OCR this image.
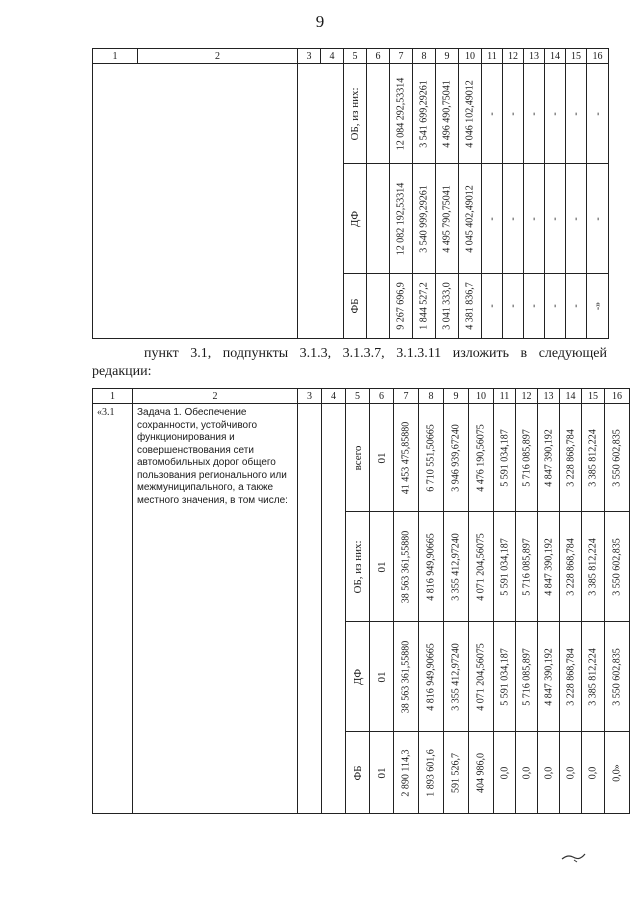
9
1	2	3	4	5	6	7	8	9	10	11	12	13	14	15	16

				ОБ, из них:		12 084 292,53314	3 541 699,29261	4 496 490,75041	4 046 102,49012	-	-	-	-	-	-

				ДФ		12 082 192,53314	3 540 999,29261	4 495 790,75041	4 045 402,49012	-	-	-	-	-	-

				ФБ		9 267 696,9	1 844 527,2	3 041 333,0	4 381 836,7	-	-	-	-	-	-»
пункт 3.1, подпункты 3.1.3, 3.1.3.7, 3.1.3.11 изложить в следующей
редакции:
1	2	3	4	5	6	7	8	9	10	11	12	13	14	15	16
«3.1	Задача 1. Обеспечение сохранности, устойчивого функционирования и совершенствования сети автомобильных дорог общего пользования регионального или межмуниципального, а также местного значения, в том числе:			всего	01	41 453 475,85880	6 710 551,50665	3 946 939,67240	4 476 190,56075	5 591 034,187	5 716 085,897	4 847 390,192	3 228 868,784	3 385 812,224	3 550 602,835

				ОБ, из них:	01	38 563 361,55880	4 816 949,90665	3 355 412,97240	4 071 204,56075	5 591 034,187	5 716 085,897	4 847 390,192	3 228 868,784	3 385 812,224	3 550 602,835

				ДФ	01	38 563 361,55880	4 816 949,90665	3 355 412,97240	4 071 204,56075	5 591 034,187	5 716 085,897	4 847 390,192	3 228 868,784	3 385 812,224	3 550 602,835

				ФБ	01	2 890 114,3	1 893 601,6	591 526,7	404 986,0	0,0	0,0	0,0	0,0	0,0	0,0»
